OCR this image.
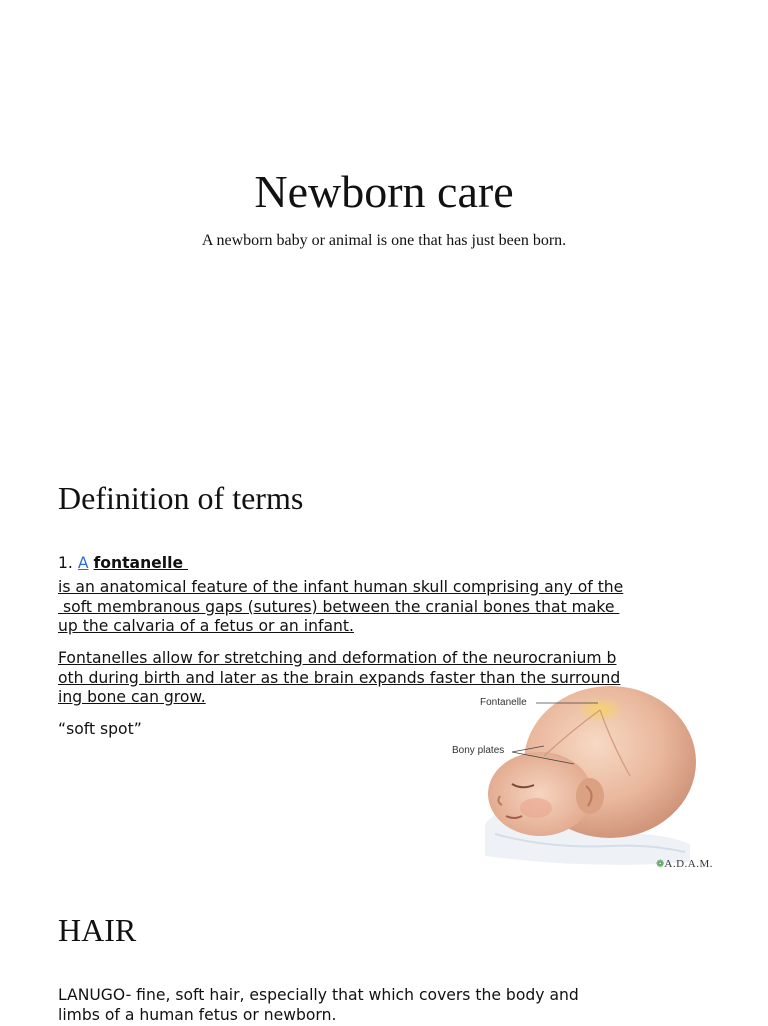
Newborn care
A newborn baby or animal is one that has just been born.
Definition of terms
1. A fontanelle
is an anatomical feature of the infant human skull comprising any of the
soft membranous gaps (sutures) between the cranial bones that make
up the calvaria of a fetus or an infant.
Fontanelles allow for stretching and deformation of the neurocranium b
oth during birth and later as the brain expands faster than the surround
ing bone can grow.
“soft spot”
Fontanelle
Bony plates
❁A.D.A.M.
HAIR
LANUGO- fine, soft hair, especially that which covers the body and
limbs of a human fetus or newborn.
